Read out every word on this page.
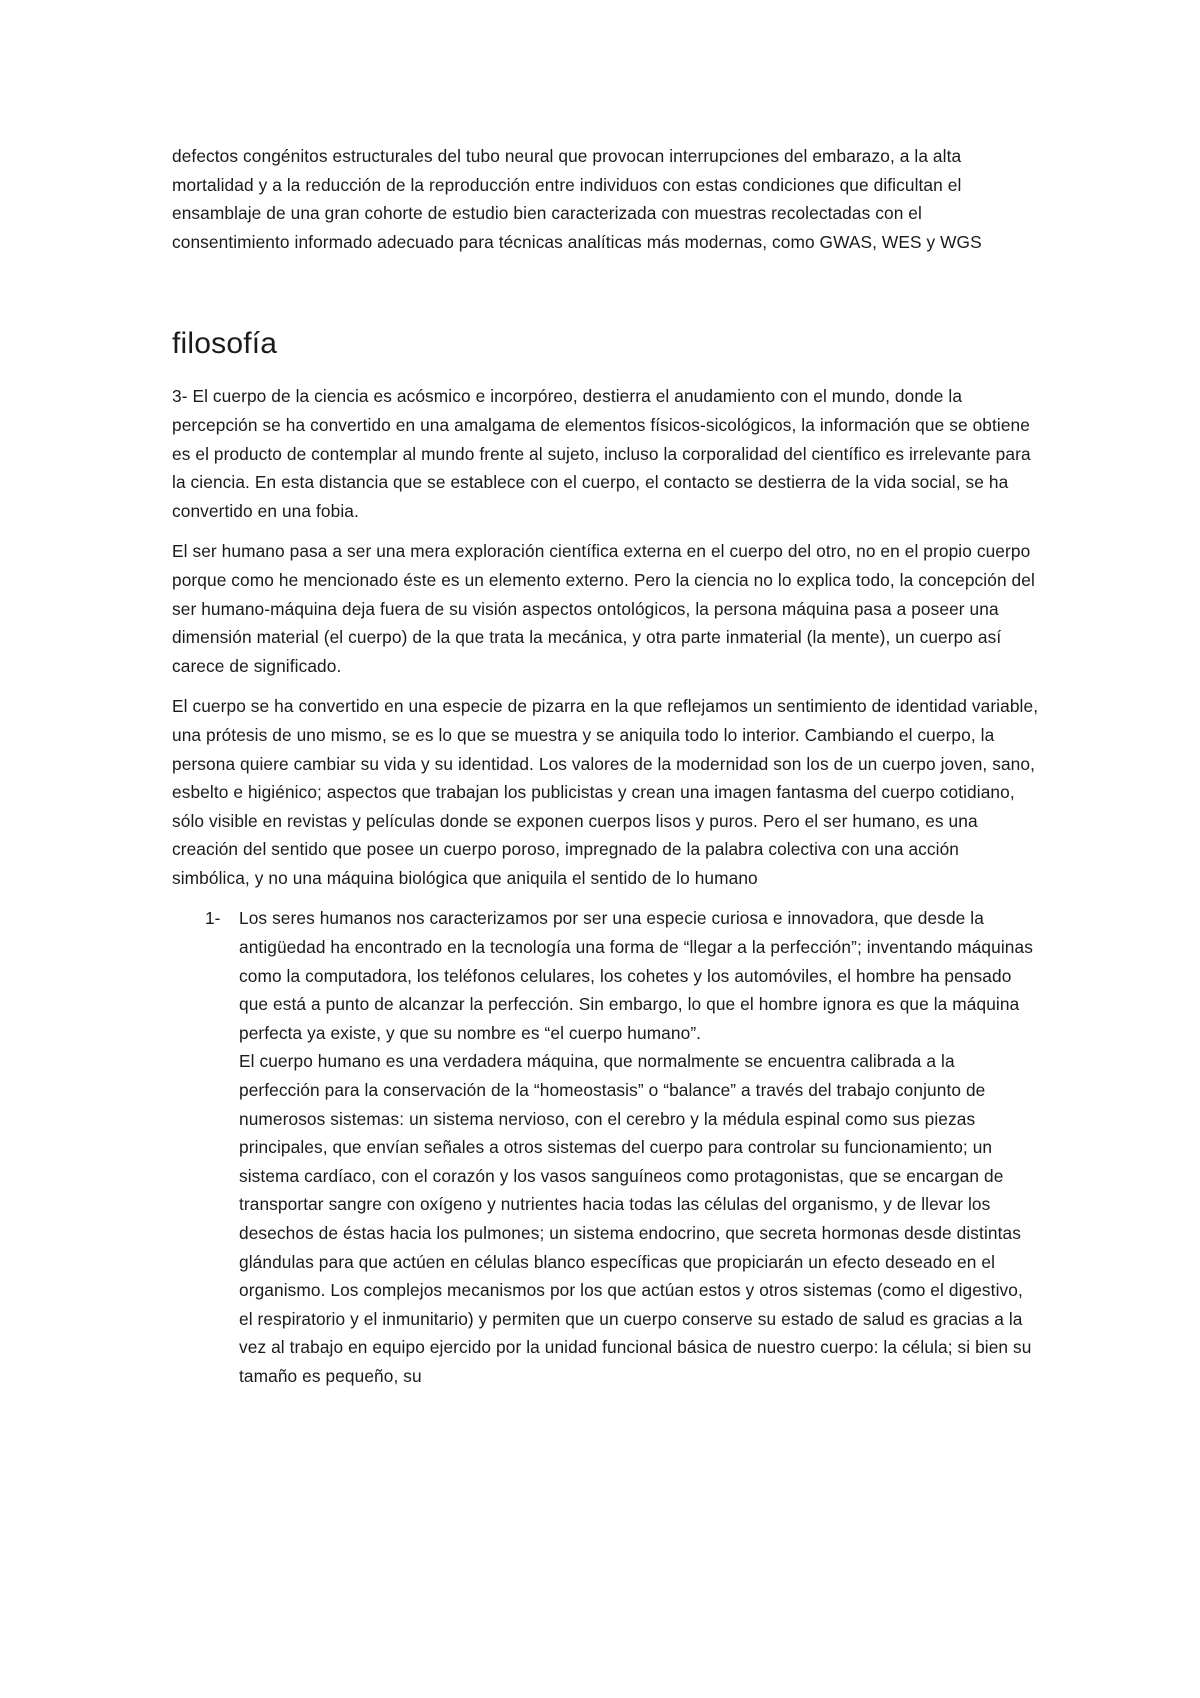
defectos congénitos estructurales del tubo neural que provocan interrupciones del embarazo, a la alta mortalidad y a la reducción de la reproducción entre individuos con estas condiciones que dificultan el ensamblaje de una gran cohorte de estudio bien caracterizada con muestras recolectadas con el consentimiento informado adecuado para técnicas analíticas más modernas, como GWAS, WES y WGS

filosofía

3- El cuerpo de la ciencia es acósmico e incorpóreo, destierra el anudamiento con el mundo, donde la percepción se ha convertido en una amalgama de elementos físicos-sicológicos, la información que se obtiene es el producto de contemplar al mundo frente al sujeto, incluso la corporalidad del científico es irrelevante para la ciencia. En esta distancia que se establece con el cuerpo, el contacto se destierra de la vida social, se ha convertido en una fobia.

El ser humano pasa a ser una mera exploración científica externa en el cuerpo del otro, no en el propio cuerpo porque como he mencionado éste es un elemento externo. Pero la ciencia no lo explica todo, la concepción del ser humano-máquina deja fuera de su visión aspectos ontológicos, la persona máquina pasa a poseer una dimensión material (el cuerpo) de la que trata la mecánica, y otra parte inmaterial (la mente), un cuerpo así carece de significado.

El cuerpo se ha convertido en una especie de pizarra en la que reflejamos un sentimiento de identidad variable, una prótesis de uno mismo, se es lo que se muestra y se aniquila todo lo interior. Cambiando el cuerpo, la persona quiere cambiar su vida y su identidad. Los valores de la modernidad son los de un cuerpo joven, sano, esbelto e higiénico; aspectos que trabajan los publicistas y crean una imagen fantasma del cuerpo cotidiano, sólo visible en revistas y películas donde se exponen cuerpos lisos y puros. Pero el ser humano, es una creación del sentido que posee un cuerpo poroso, impregnado de la palabra colectiva con una acción simbólica, y no una máquina biológica que aniquila el sentido de lo humano

1-	Los seres humanos nos caracterizamos por ser una especie curiosa e innovadora, que desde la antigüedad ha encontrado en la tecnología una forma de “llegar a la perfección”; inventando máquinas como la computadora, los teléfonos celulares, los cohetes y los automóviles, el hombre ha pensado que está a punto de alcanzar la perfección. Sin embargo, lo que el hombre ignora es que la máquina perfecta ya existe, y que su nombre es “el cuerpo humano”.

El cuerpo humano es una verdadera máquina, que normalmente se encuentra calibrada a la perfección para la conservación de la “homeostasis” o “balance” a través del trabajo conjunto de numerosos sistemas: un sistema nervioso, con el cerebro y la médula espinal como sus piezas principales, que envían señales a otros sistemas del cuerpo para controlar su funcionamiento; un sistema cardíaco, con el corazón y los vasos sanguíneos como protagonistas, que se encargan de transportar sangre con oxígeno y nutrientes hacia todas las células del organismo, y de llevar los desechos de éstas hacia los pulmones; un sistema endocrino, que secreta hormonas desde distintas glándulas para que actúen en células blanco específicas que propiciarán un efecto deseado en el organismo. Los complejos mecanismos por los que actúan estos y otros sistemas (como el digestivo, el respiratorio y el inmunitario) y permiten que un cuerpo conserve su estado de salud es gracias a la vez al trabajo en equipo ejercido por la unidad funcional básica de nuestro cuerpo: la célula; si bien su tamaño es pequeño, su
